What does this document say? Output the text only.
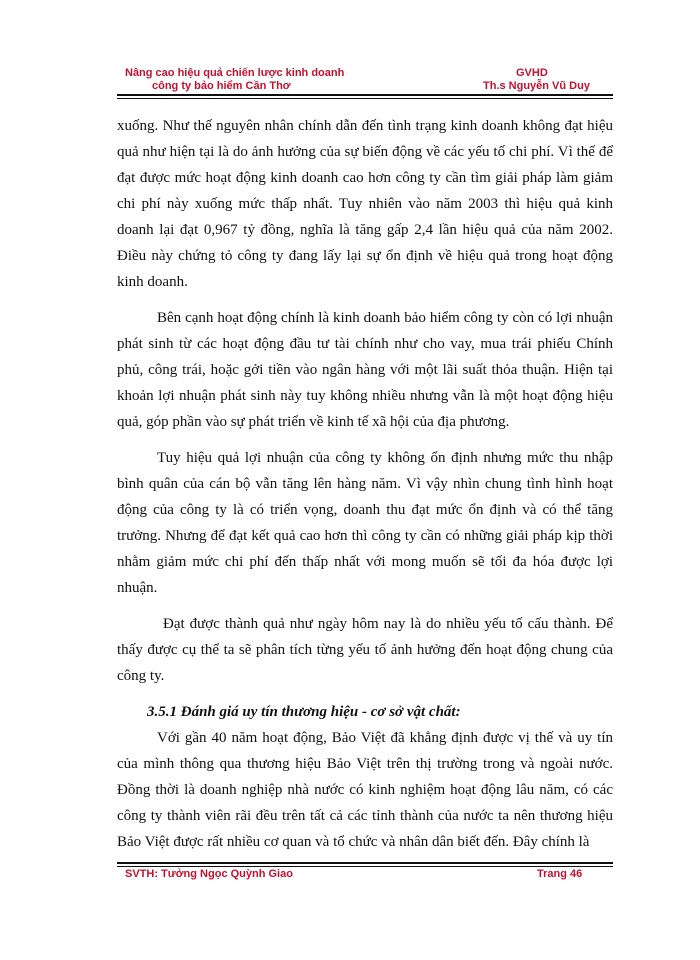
Nâng cao hiệu quả chiến lược kinh doanh
công ty bảo hiểm Cần Thơ
GVHD
Th.s Nguyễn Vũ Duy

xuống. Như thế nguyên nhân chính dẫn đến tình trạng kinh doanh không đạt hiệu quả như hiện tại là do ảnh hưởng của sự biến động về các yếu tố chi phí. Vì thế để đạt được mức hoạt động kinh doanh cao hơn công ty cần tìm giải pháp làm giảm chi phí này xuống mức thấp nhất. Tuy nhiên vào năm 2003 thì hiệu quả kinh doanh lại đạt 0,967 tỷ đồng, nghĩa là tăng gấp 2,4 lần hiệu quả của năm 2002. Điều này chứng tỏ công ty đang lấy lại sự ổn định về hiệu quả trong hoạt động kinh doanh.

Bên cạnh hoạt động chính là kinh doanh bảo hiểm công ty còn có lợi nhuận phát sinh từ các hoạt động đầu tư tài chính như cho vay, mua trái phiếu Chính phủ, công trái, hoặc gởi tiền vào ngân hàng với một lãi suất thỏa thuận. Hiện tại khoản lợi nhuận phát sinh này tuy không nhiều nhưng vẫn là một hoạt động hiệu quả, góp phần vào sự phát triển về kinh tế xã hội của địa phương.

Tuy hiệu quả lợi nhuận của công ty không ổn định nhưng mức thu nhập bình quân của cán bộ vẫn tăng lên hàng năm. Vì vậy nhìn chung tình hình hoạt động của công ty là có triển vọng, doanh thu đạt mức ổn định và có thể tăng trưởng. Nhưng để đạt kết quả cao hơn thì công ty cần có những giải pháp kịp thời nhằm giảm mức chi phí đến thấp nhất với mong muốn sẽ tối đa hóa được lợi nhuận.

Đạt được thành quả như ngày hôm nay là do nhiều yếu tố cấu thành. Để thấy được cụ thể ta sẽ phân tích từng yếu tố ảnh hưởng đến hoạt động chung của công ty.

3.5.1 Đánh giá uy tín thương hiệu - cơ sở vật chất:

Với gần 40 năm hoạt động, Bảo Việt đã khẳng định được vị thế và uy tín của mình thông qua thương hiệu Bảo Việt trên thị trường trong và ngoài nước. Đồng thời là doanh nghiệp nhà nước có kinh nghiệm hoạt động lâu năm, có các công ty thành viên rãi đều trên tất cả các tỉnh thành của nước ta nên thương hiệu Bảo Việt được rất nhiều cơ quan và tổ chức và nhân dân biết đến. Đây chính là

SVTH: Tưởng Ngọc Quỳnh Giao	Trang 46
